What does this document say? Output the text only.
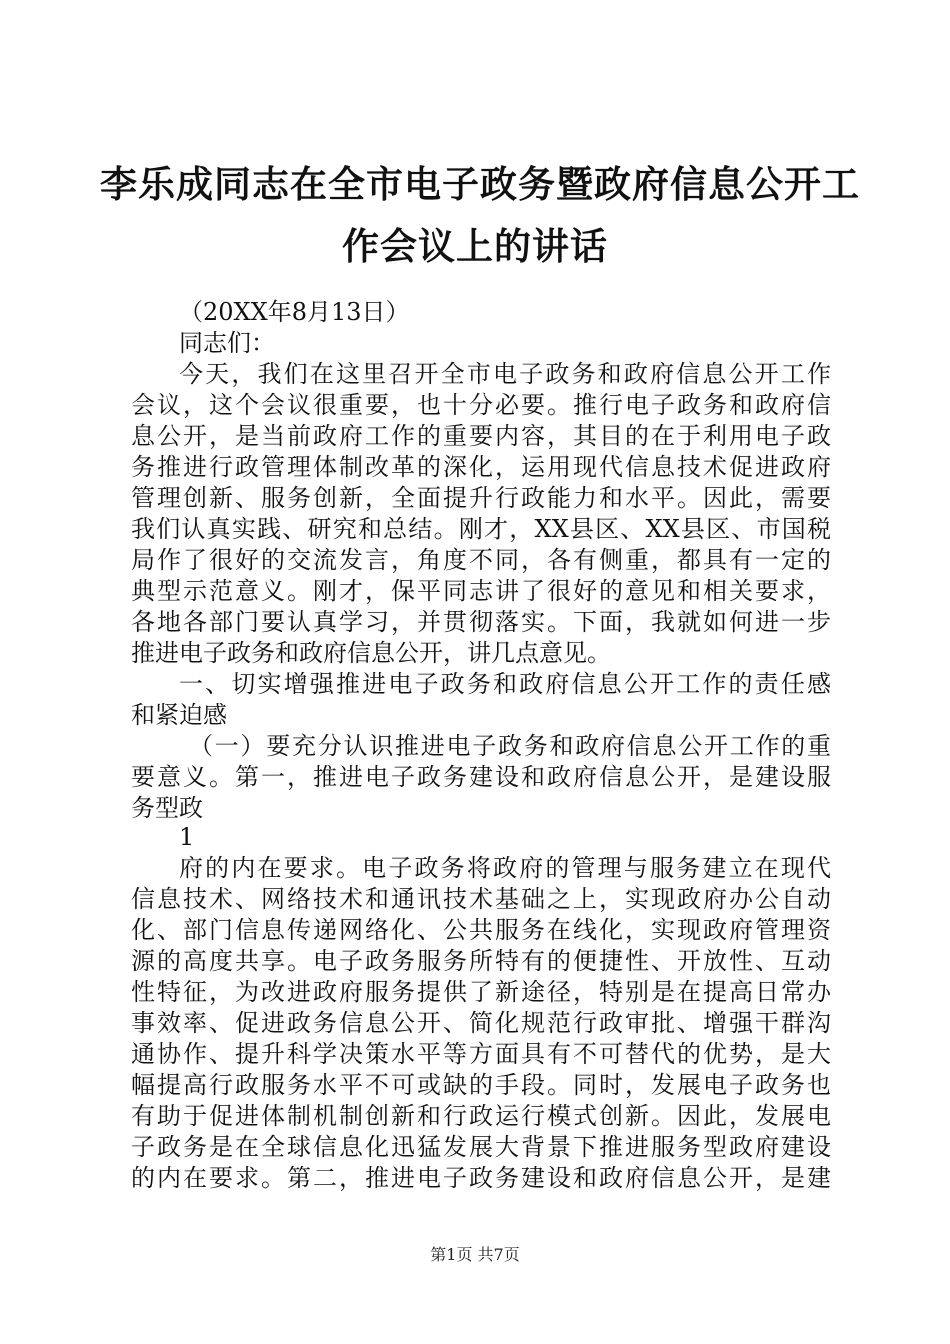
李乐成同志在全市电子政务暨政府信息公开工
作会议上的讲话
（20XX年8月13日）
同志们：
今天，我们在这里召开全市电子政务和政府信息公开工作
会议，这个会议很重要，也十分必要。推行电子政务和政府信
息公开，是当前政府工作的重要内容，其目的在于利用电子政
务推进行政管理体制改革的深化，运用现代信息技术促进政府
管理创新、服务创新，全面提升行政能力和水平。因此，需要
我们认真实践、研究和总结。刚才，XX县区、XX县区、市国税
局作了很好的交流发言，角度不同，各有侧重，都具有一定的
典型示范意义。刚才，保平同志讲了很好的意见和相关要求，
各地各部门要认真学习，并贯彻落实。下面，我就如何进一步
推进电子政务和政府信息公开，讲几点意见。
一、切实增强推进电子政务和政府信息公开工作的责任感
和紧迫感
（一）要充分认识推进电子政务和政府信息公开工作的重
要意义。第一，推进电子政务建设和政府信息公开，是建设服
务型政
1
府的内在要求。电子政务将政府的管理与服务建立在现代
信息技术、网络技术和通讯技术基础之上，实现政府办公自动
化、部门信息传递网络化、公共服务在线化，实现政府管理资
源的高度共享。电子政务服务所特有的便捷性、开放性、互动
性特征，为改进政府服务提供了新途径，特别是在提高日常办
事效率、促进政务信息公开、简化规范行政审批、增强干群沟
通协作、提升科学决策水平等方面具有不可替代的优势，是大
幅提高行政服务水平不可或缺的手段。同时，发展电子政务也
有助于促进体制机制创新和行政运行模式创新。因此，发展电
子政务是在全球信息化迅猛发展大背景下推进服务型政府建设
的内在要求。第二，推进电子政务建设和政府信息公开，是建
第1页 共7页
